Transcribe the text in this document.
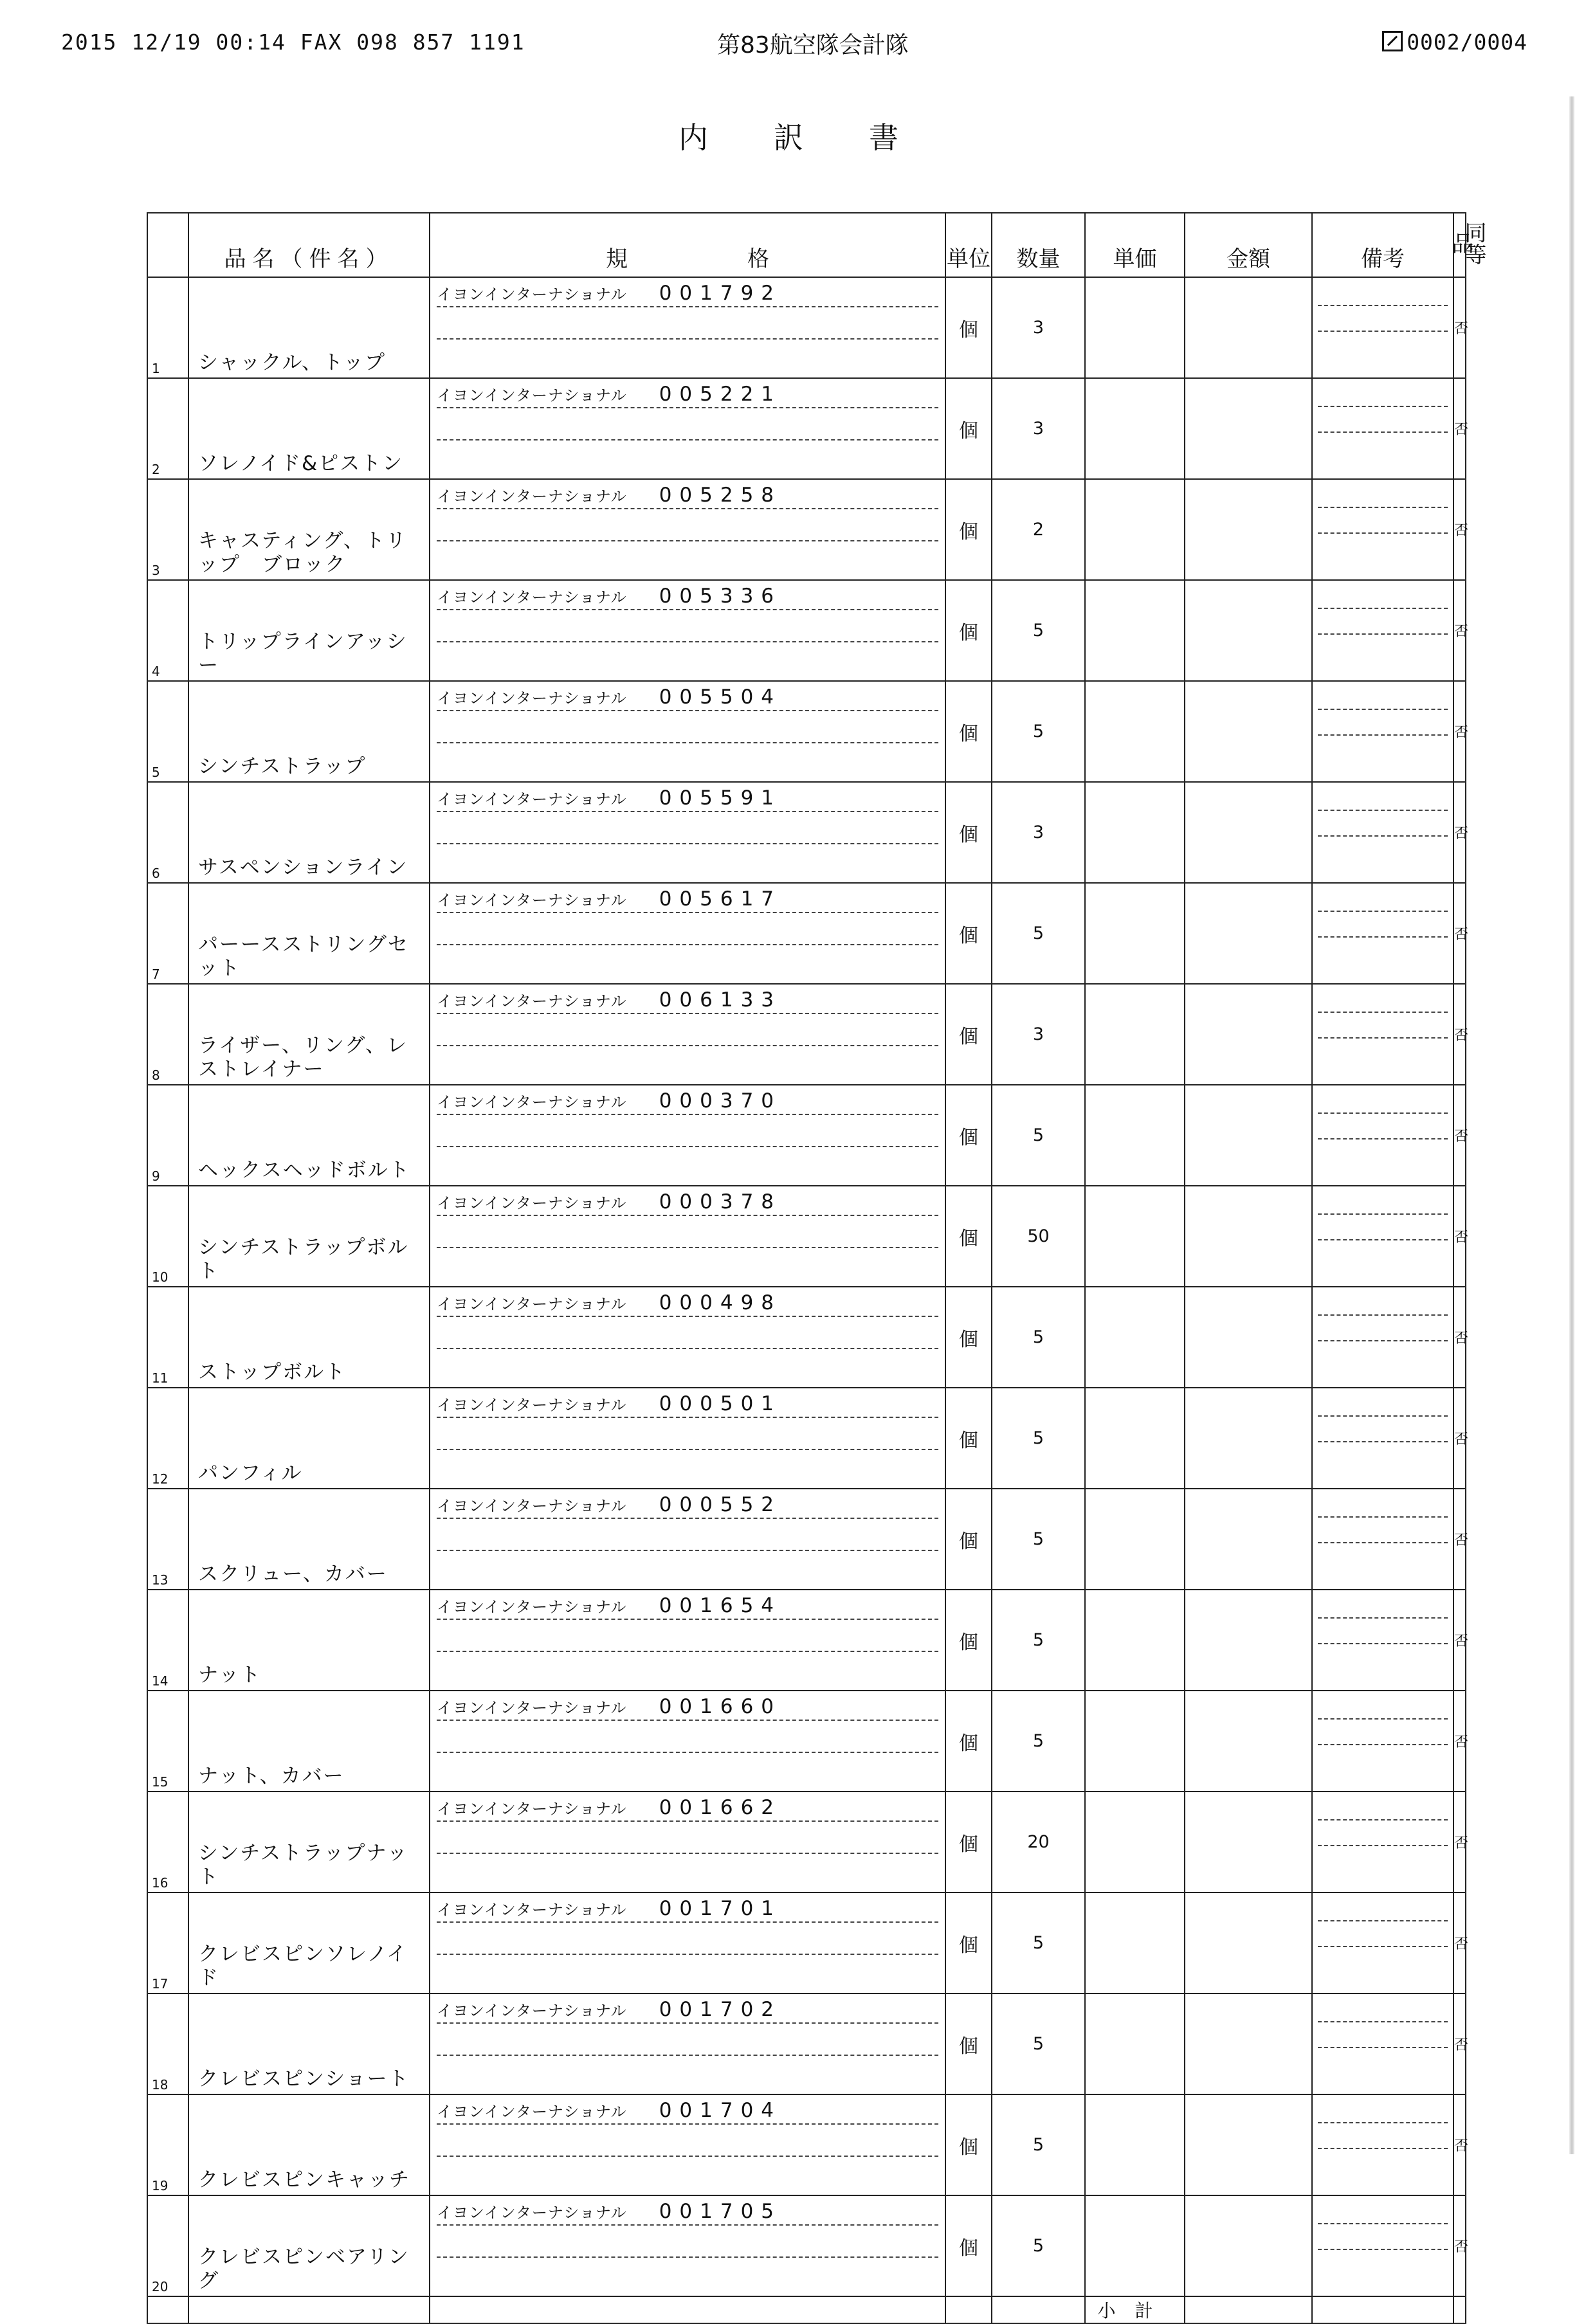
2015 12/19 00:14 FAX 098 857 1191	第83航空隊会計隊	0002/0004
内　訳　書
	品名（件名）	規 格	単位	数量	単価	金額	備考	同等品

1	シャックル、トップ	イヨンインターナショナル 001792	個	3				否

2	ソレノイド&ピストン	イヨンインターナショナル 005221	個	3				否

3	キャスティング、トリップ　ブロック	イヨンインターナショナル 005258	個	2				否

4	トリップラインアッシー	イヨンインターナショナル 005336	個	5				否

5	シンチストラップ	イヨンインターナショナル 005504	個	5				否

6	サスペンションライン	イヨンインターナショナル 005591	個	3				否

7	パーースストリングセット	イヨンインターナショナル 005617	個	5				否

8	ライザー、リング、レストレイナー	イヨンインターナショナル 006133	個	3				否

9	ヘックスヘッドボルト	イヨンインターナショナル 000370	個	5				否

10	シンチストラップボルト	イヨンインターナショナル 000378	個	50				否

11	ストップボルト	イヨンインターナショナル 000498	個	5				否

12	パンフィル	イヨンインターナショナル 000501	個	5				否

13	スクリュー、カバー	イヨンインターナショナル 000552	個	5				否

14	ナット	イヨンインターナショナル 001654	個	5				否

15	ナット、カバー	イヨンインターナショナル 001660	個	5				否

16	シンチストラップナット	イヨンインターナショナル 001662	個	20				否

17	クレビスピンソレノイド	イヨンインターナショナル 001701	個	5				否

18	クレビスピンショート	イヨンインターナショナル 001702	個	5				否

19	クレビスピンキャッチ	イヨンインターナショナル 001704	個	5				否

20	クレビスピンベアリング	イヨンインターナショナル 001705	個	5				否
					小計			
